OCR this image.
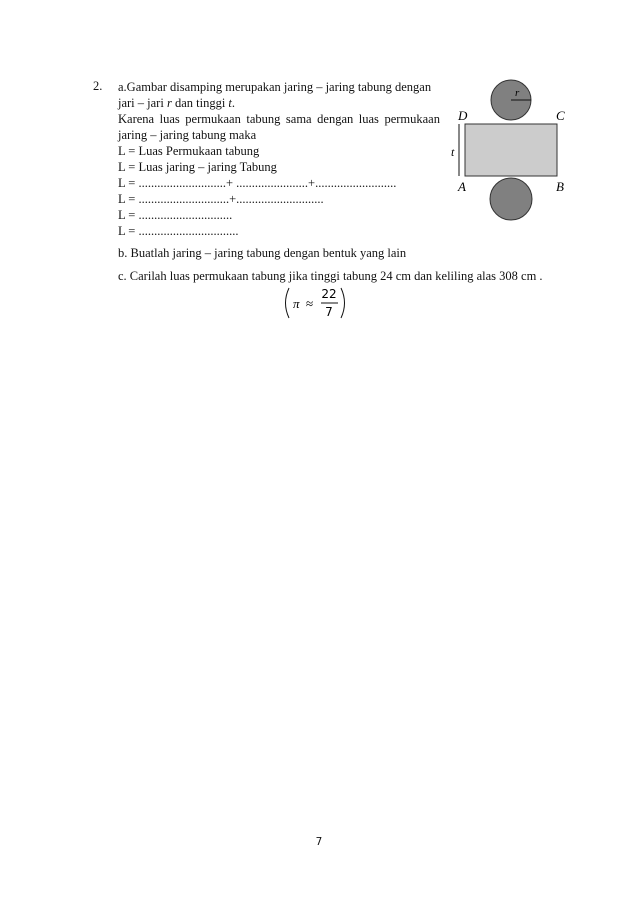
2. a.Gambar disamping merupakan jaring – jaring tabung dengan
jari – jari r dan tinggi t.
Karena luas permukaan tabung sama dengan luas permukaan
jaring – jaring tabung maka
L = Luas Permukaan tabung
L = Luas jaring – jaring Tabung
L = ............................+ .......................+..........................
L = .............................+............................
L = ..............................
L = ................................
b. Buatlah jaring – jaring tabung dengan bentuk yang lain
c. Carilah luas permukaan tabung jika tinggi tabung 24 cm dan keliling alas 308 cm .
π ≈
22
7
r
t
D	C
A	B
7
